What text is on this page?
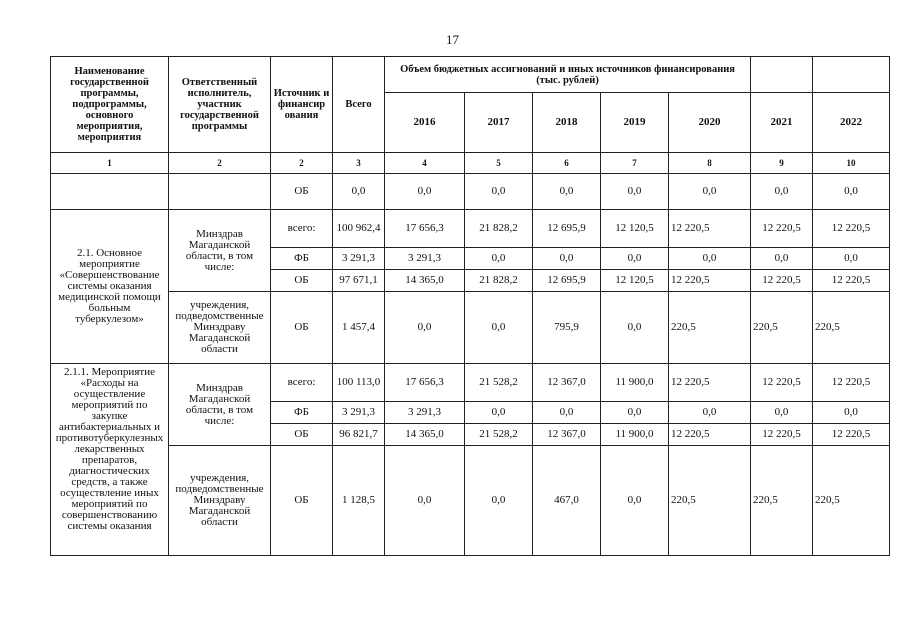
17
Наименование государственной программы, подпрограммы, основного мероприятия, мероприятия	Ответственный исполнитель, участник государственной программы	Источник и финансир ования	Всего	Объем бюджетных ассигнований и иных источников финансирования (тыс. рублей)						
				2016	2017	2018	2019	2020	2021	2022
1	2	2	3	4	5	6	7	8	9	10
		ОБ	0,0	0,0	0,0	0,0	0,0	0,0	0,0	0,0
2.1. Основное мероприятие «Совершенствование системы оказания медицинской помощи больным туберкулезом»	Минздрав Магаданской области, в том числе:	всего:	100 962,4	17 656,3	21 828,2	12 695,9	12 120,5	12 220,5	12 220,5	12 220,5
		ФБ	3 291,3	3 291,3	0,0	0,0	0,0	0,0	0,0	0,0
		ОБ	97 671,1	14 365,0	21 828,2	12 695,9	12 120,5	12 220,5	12 220,5	12 220,5
	учреждения, подведомственные Минздраву Магаданской области	ОБ	1 457,4	0,0	0,0	795,9	0,0	220,5	220,5	220,5
2.1.1. Мероприятие «Расходы на осуществление мероприятий по закупке антибактериальных и противотуберкулезных лекарственных препаратов, диагностических средств, а также осуществление иных мероприятий по совершенствованию системы оказания	Минздрав Магаданской области, в том числе:	всего:	100 113,0	17 656,3	21 528,2	12 367,0	11 900,0	12 220,5	12 220,5	12 220,5
		ФБ	3 291,3	3 291,3	0,0	0,0	0,0	0,0	0,0	0,0
		ОБ	96 821,7	14 365,0	21 528,2	12 367,0	11 900,0	12 220,5	12 220,5	12 220,5
	учреждения, подведомственные Минздраву Магаданской области	ОБ	1 128,5	0,0	0,0	467,0	0,0	220,5	220,5	220,5
